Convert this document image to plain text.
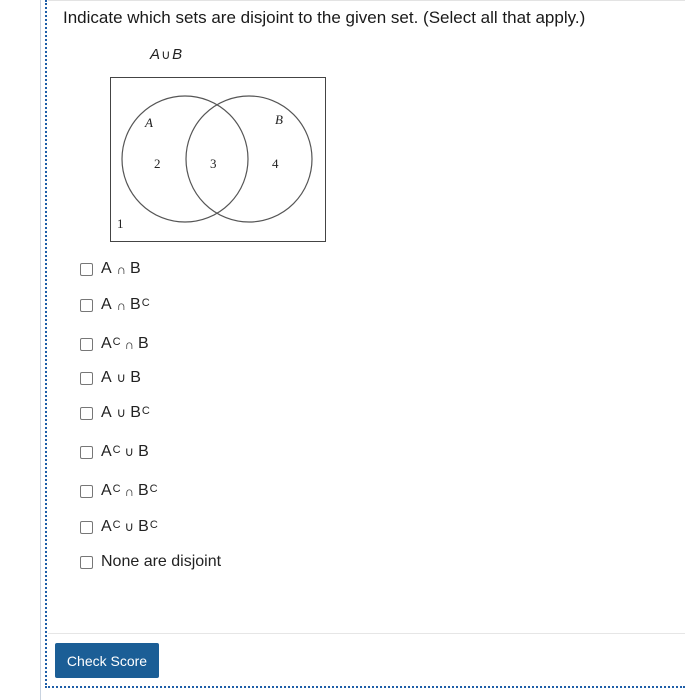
Indicate which sets are disjoint to the given set. (Select all that apply.)
A ∪ B
A	B
1
2	3	4
A ∩ B
A ∩ $B^C$
$A^C$ ∩ B
A ∪ B
A ∪ $B^C$
$A^C$ ∪ B
$A^C$ ∩ $B^C$
$A^C$ ∪ $B^C$
None are disjoint
Check Score
